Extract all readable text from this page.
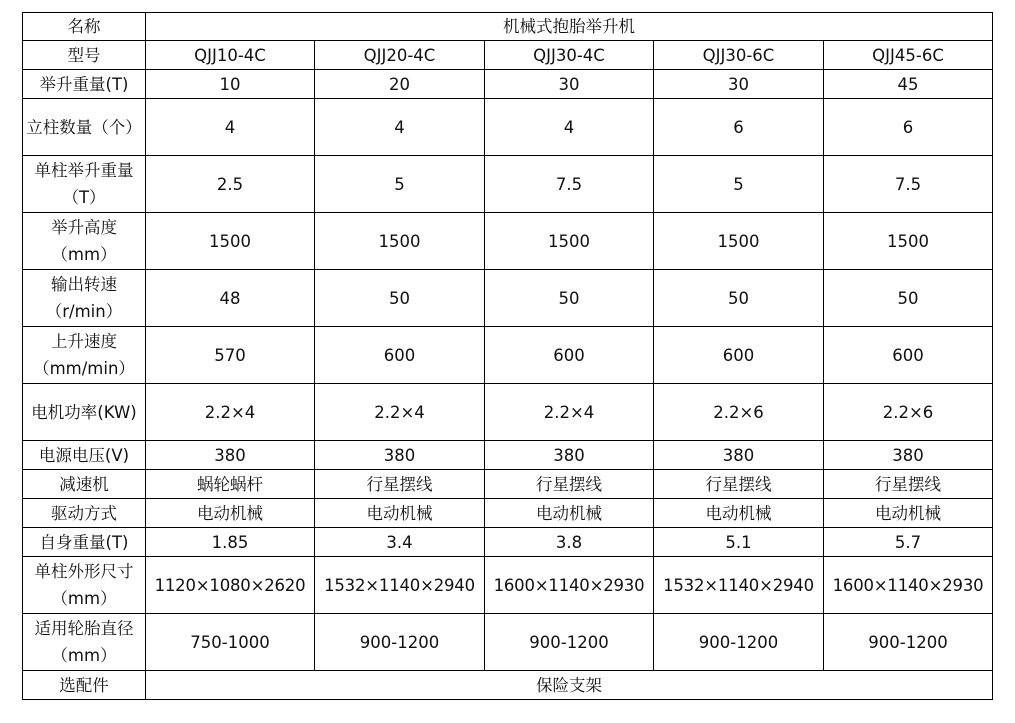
名称	机械式抱胎举升机				
型号	QJJ10-4C	QJJ20-4C	QJJ30-4C	QJJ30-6C	QJJ45-6C
举升重量(T)	10	20	30	30	45
立柱数量（个）	4	4	4	6	6
单柱举升重量（T）	2.5	5	7.5	5	7.5
举升高度（mm）	1500	1500	1500	1500	1500
输出转速（r/min）	48	50	50	50	50
上升速度（mm/min）	570	600	600	600	600
电机功率(KW)	2.2×4	2.2×4	2.2×4	2.2×6	2.2×6
电源电压(V)	380	380	380	380	380
减速机	蜗轮蜗杆	行星摆线	行星摆线	行星摆线	行星摆线
驱动方式	电动机械	电动机械	电动机械	电动机械	电动机械
自身重量(T)	1.85	3.4	3.8	5.1	5.7
单柱外形尺寸（mm）	1120×1080×2620	1532×1140×2940	1600×1140×2930	1532×1140×2940	1600×1140×2930
适用轮胎直径（mm）	750-1000	900-1200	900-1200	900-1200	900-1200
选配件	保险支架				
